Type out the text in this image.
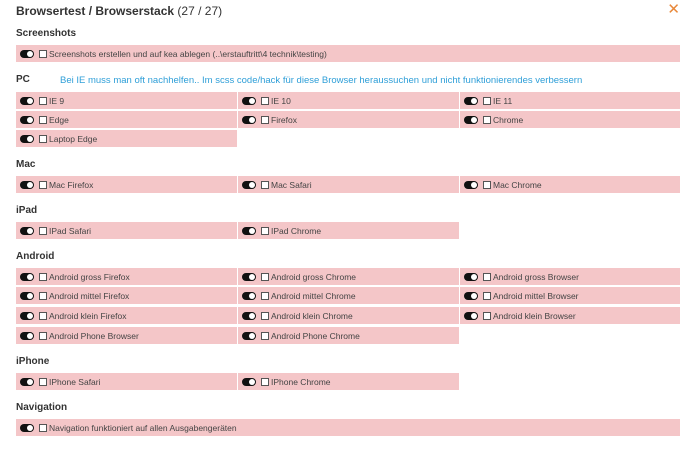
Browsertest / Browserstack (27 / 27)	✕
Screenshots
PC	Bei IE muss man oft nachhelfen.. Im scss code/hack für diese Browser heraussuchen und nicht funktionierendes verbessern
Mac
iPad
Android
iPhone
Navigation
Screenshots erstellen und auf kea ablegen (..\erstauftritt\4 technik\testing)
IE 9	IE 10	IE 11
Edge	Firefox	Chrome
Laptop Edge
Mac Firefox	Mac Safari	Mac Chrome
IPad Safari	IPad Chrome
Android gross Firefox	Android gross Chrome	Android gross Browser
Android mittel Firefox	Android mittel Chrome	Android mittel Browser
Android klein Firefox	Android klein Chrome	Android klein Browser
Android Phone Browser	Android Phone Chrome
IPhone Safari	IPhone Chrome
Navigation funktioniert auf allen Ausgabengeräten
